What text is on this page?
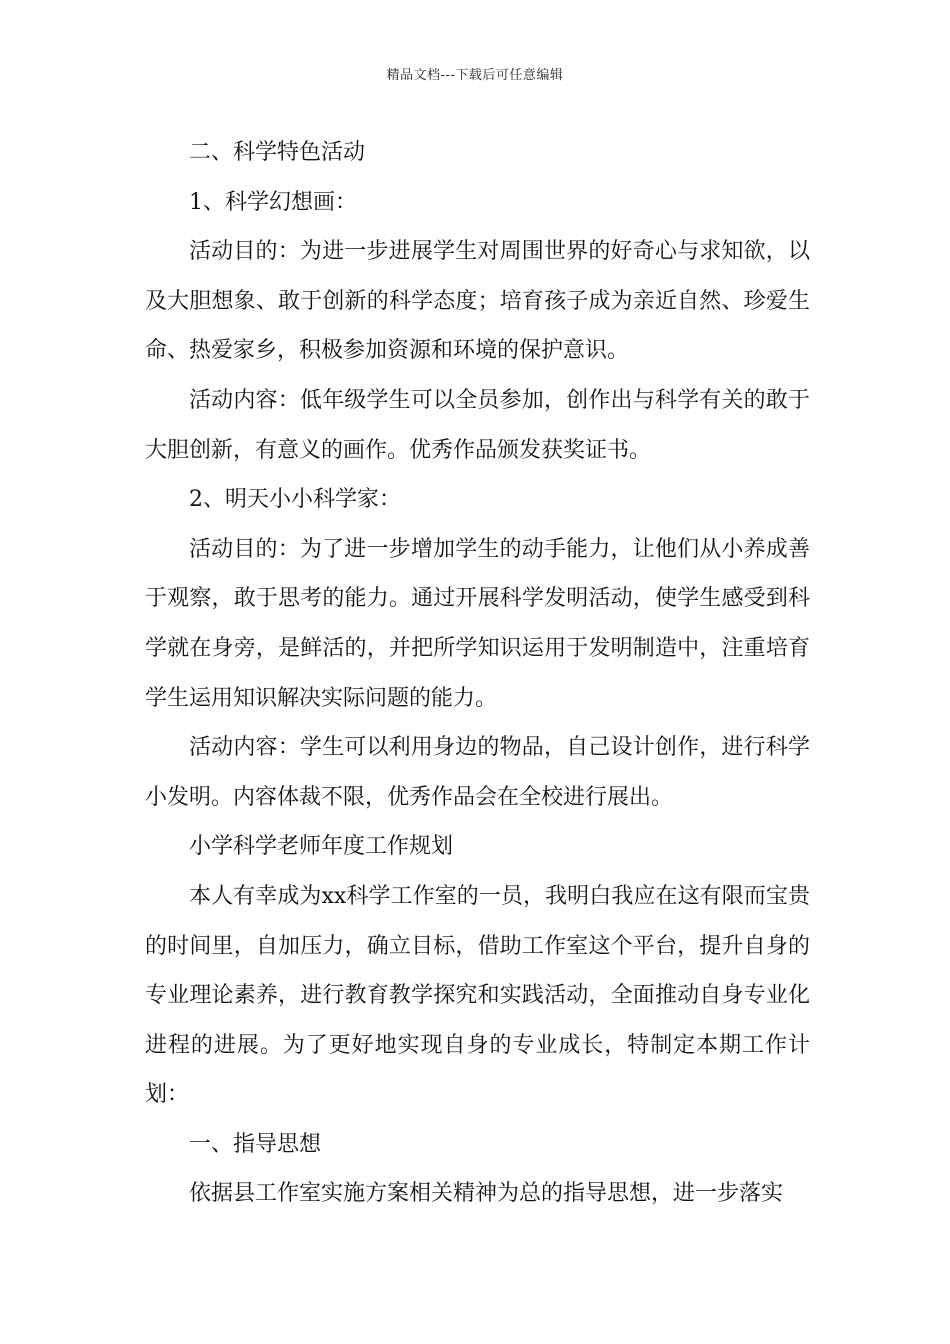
精品文档---下载后可任意编辑

二、科学特色活动

1、科学幻想画：

活动目的：为进一步进展学生对周围世界的好奇心与求知欲，以及大胆想象、敢于创新的科学态度；培育孩子成为亲近自然、珍爱生命、热爱家乡，积极参加资源和环境的保护意识。

活动内容：低年级学生可以全员参加，创作出与科学有关的敢于大胆创新，有意义的画作。优秀作品颁发获奖证书。

2、明天小小科学家：

活动目的：为了进一步增加学生的动手能力，让他们从小养成善于观察，敢于思考的能力。通过开展科学发明活动，使学生感受到科学就在身旁，是鲜活的，并把所学知识运用于发明制造中，注重培育学生运用知识解决实际问题的能力。

活动内容：学生可以利用身边的物品，自己设计创作，进行科学小发明。内容体裁不限，优秀作品会在全校进行展出。

小学科学老师年度工作规划

本人有幸成为xx科学工作室的一员，我明白我应在这有限而宝贵的时间里，自加压力，确立目标，借助工作室这个平台，提升自身的专业理论素养，进行教育教学探究和实践活动，全面推动自身专业化进程的进展。为了更好地实现自身的专业成长，特制定本期工作计划：

一、指导思想

依据县工作室实施方案相关精神为总的指导思想，进一步落实
